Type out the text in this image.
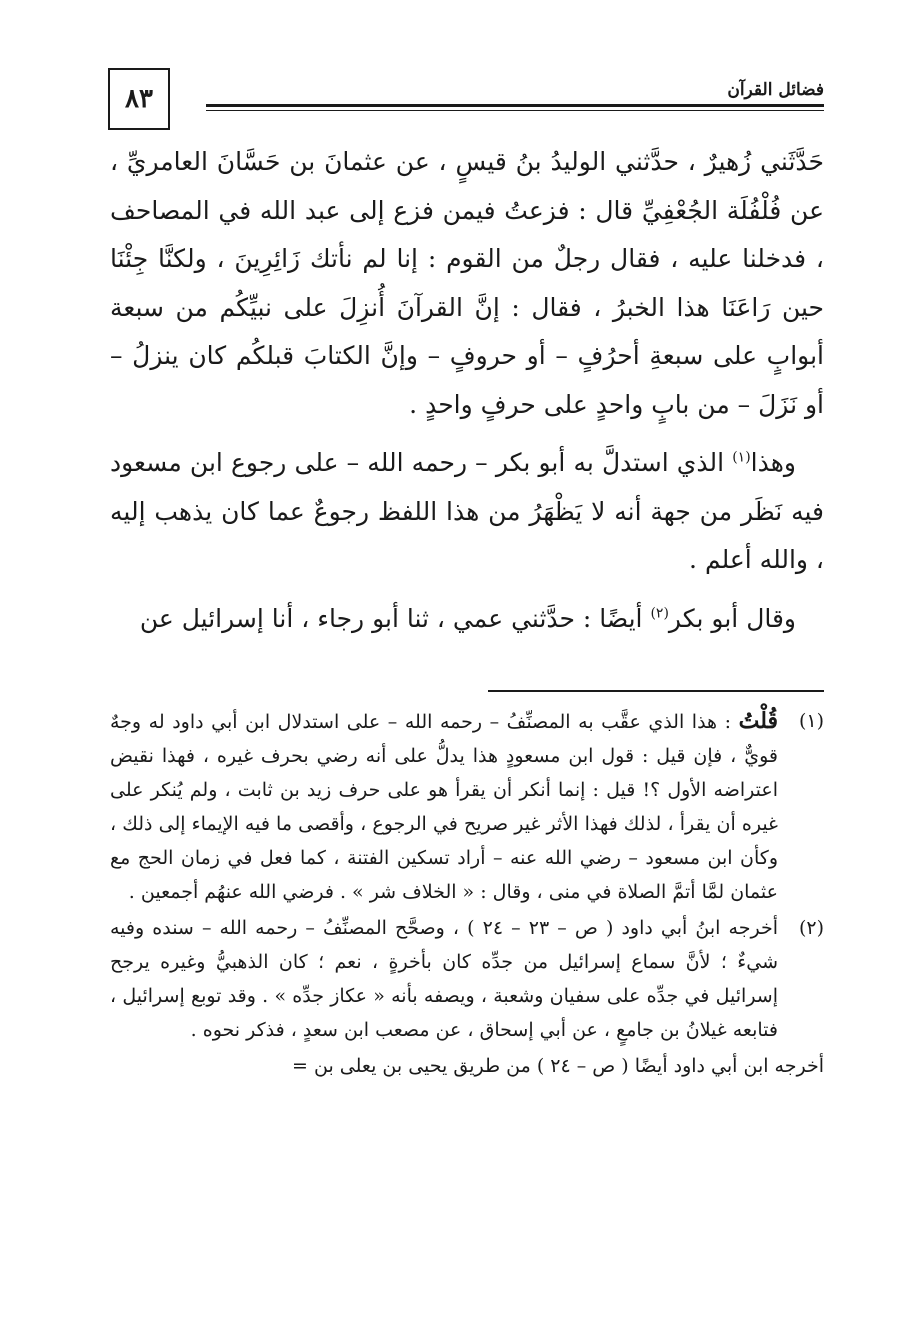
٨٣	فضائل القرآن

حَدَّثَني زُهيرٌ ، حدَّثني الوليدُ بنُ قيسٍ ، عن عثمانَ بن حَسَّانَ العامريِّ ، عن فُلْفُلَة الجُعْفِيِّ قال : فزعتُ فيمن فزع إلى عبد الله في المصاحف ، فدخلنا عليه ، فقال رجلٌ من القوم : إنا لم نأتك زَائِرِينَ ، ولكنَّا جِئْنَا حين رَاعَنَا هذا الخبرُ ، فقال : إنَّ القرآنَ أُنزِلَ على نبيِّكُم من سبعة أبوابٍ على سبعةِ أحرُفٍ – أو حروفٍ – وإنَّ الكتابَ قبلكُم كان ينزلُ – أو نَزَلَ – من بابٍ واحدٍ على حرفٍ واحدٍ .

وهذا$^{(١)}$ الذي استدلَّ به أبو بكر – رحمه الله – على رجوع ابن مسعود فيه نَظَر من جهة أنه لا يَظْهَرُ من هذا اللفظ رجوعٌ عما كان يذهب إليه ، والله أعلم .

وقال أبو بكر$^{(٢)}$ أيضًا : حدَّثني عمي ، ثنا أبو رجاء ، أنا إسرائيل عن

(١)
قُلْتُ : هذا الذي عقَّب به المصنِّفُ – رحمه الله – على استدلال ابن أبي داود له وجهٌ قويٌّ ، فإن قيل : قول ابن مسعودٍ هذا يدلُّ على أنه رضي بحرف غيره ، فهذا نقيض اعتراضه الأول ؟! قيل : إنما أنكر أن يقرأ هو على حرف زيد بن ثابت ، ولم يُنكر على غيره أن يقرأ ، لذلك فهذا الأثر غير صريح في الرجوع ، وأقصى ما فيه الإيماء إلى ذلك ، وكأن ابن مسعود – رضي الله عنه – أراد تسكين الفتنة ، كما فعل في زمان الحج مع عثمان لمَّا أتمَّ الصلاة في منى ، وقال : « الخلاف شر » . فرضي الله عنهُم أجمعين .
(٢)
أخرجه ابنُ أبي داود ( ص – ٢٣ – ٢٤ ) ، وصحَّح المصنِّفُ – رحمه الله – سنده وفيه شيءٌ ؛ لأنَّ سماع إسرائيل من جدِّه كان بأخرةٍ ، نعم ؛ كان الذهبيُّ وغيره يرجح إسرائيل في جدِّه على سفيان وشعبة ، ويصفه بأنه « عكاز جدِّه » . وقد توبع إسرائيل ، فتابعه غيلانُ بن جامعٍ ، عن أبي إسحاق ، عن مصعب ابن سعدٍ ، فذكر نحوه .
أخرجه ابن أبي داود أيضًا ( ص – ٢٤ ) من طريق يحيى بن يعلى بن =
